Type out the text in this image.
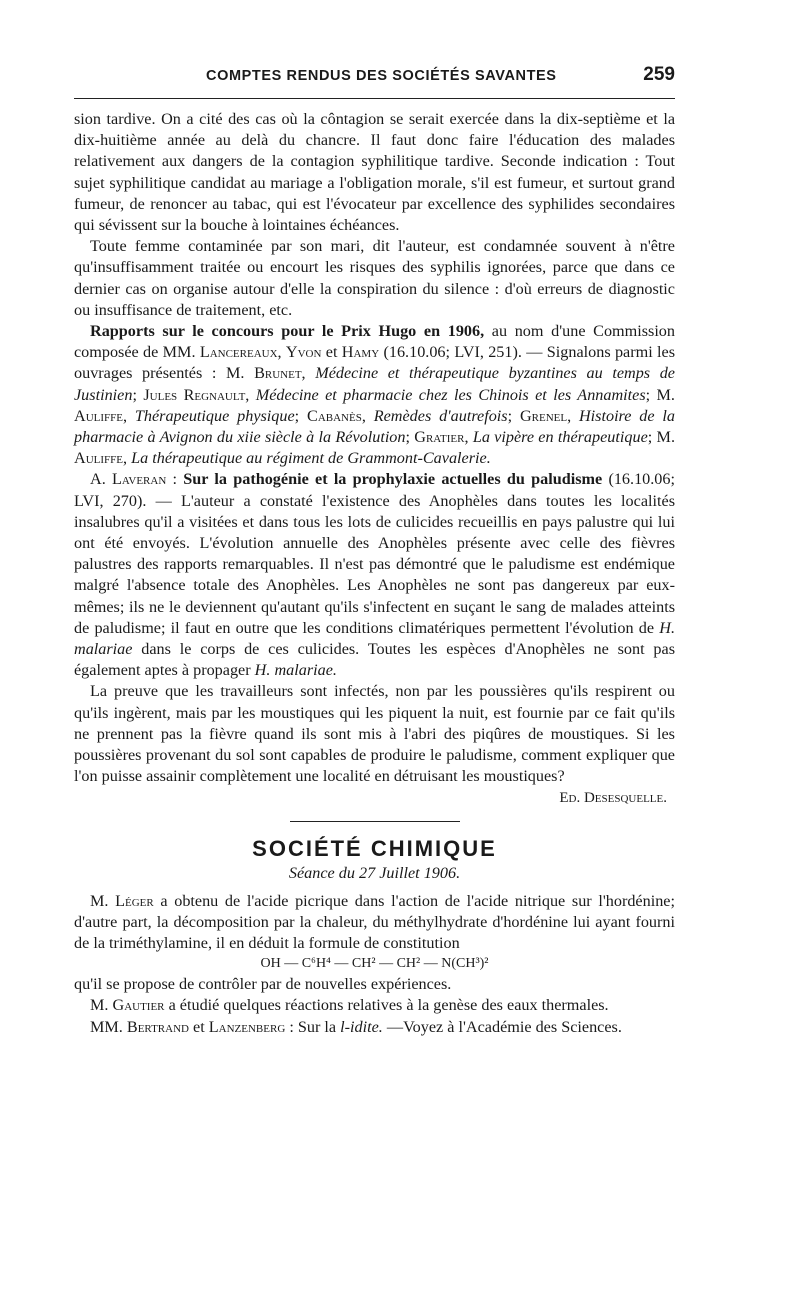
COMPTES RENDUS DES SOCIÉTÉS SAVANTES	259

sion tardive. On a cité des cas où la côntagion se serait exercée dans la dix-septième et la dix-huitième année au delà du chancre. Il faut donc faire l'éducation des malades relativement aux dangers de la contagion syphilitique tardive. Seconde indication : Tout sujet syphilitique candidat au mariage a l'obligation morale, s'il est fumeur, et surtout grand fumeur, de renoncer au tabac, qui est l'évocateur par excellence des syphilides secondaires qui sévissent sur la bouche à lointaines échéances.

Toute femme contaminée par son mari, dit l'auteur, est condamnée souvent à n'être qu'insuffisamment traitée ou encourt les risques des syphilis ignorées, parce que dans ce dernier cas on organise autour d'elle la conspiration du silence : d'où erreurs de diagnostic ou insuffisance de traitement, etc.

Rapports sur le concours pour le Prix Hugo en 1906, au nom d'une Commission composée de MM. Lancereaux, Yvon et Hamy (16.10.06; LVI, 251). — Signalons parmi les ouvrages présentés : M. Brunet, Médecine et thérapeutique byzantines au temps de Justinien; Jules Regnault, Médecine et pharmacie chez les Chinois et les Annamites; M. Auliffe, Thérapeutique physique; Cabanès, Remèdes d'autrefois; Grenel, Histoire de la pharmacie à Avignon du xiie siècle à la Révolution; Gratier, La vipère en thérapeutique; M. Auliffe, La thérapeutique au régiment de Grammont-Cavalerie.

A. Laveran : Sur la pathogénie et la prophylaxie actuelles du paludisme (16.10.06; LVI, 270). — L'auteur a constaté l'existence des Anophèles dans toutes les localités insalubres qu'il a visitées et dans tous les lots de culicides recueillis en pays palustre qui lui ont été envoyés. L'évolution annuelle des Anophèles présente avec celle des fièvres palustres des rapports remarquables. Il n'est pas démontré que le paludisme est endémique malgré l'absence totale des Anophèles. Les Anophèles ne sont pas dangereux par eux-mêmes; ils ne le deviennent qu'autant qu'ils s'infectent en suçant le sang de malades atteints de paludisme; il faut en outre que les conditions climatériques permettent l'évolution de H. malariae dans le corps de ces culicides. Toutes les espèces d'Anophèles ne sont pas également aptes à propager H. malariae.

La preuve que les travailleurs sont infectés, non par les poussières qu'ils respirent ou qu'ils ingèrent, mais par les moustiques qui les piquent la nuit, est fournie par ce fait qu'ils ne prennent pas la fièvre quand ils sont mis à l'abri des piqûres de moustiques. Si les poussières provenant du sol sont capables de produire le paludisme, comment expliquer que l'on puisse assainir complètement une localité en détruisant les moustiques?

Ed. Desesquelle.
SOCIÉTÉ CHIMIQUE
Séance du 27 Juillet 1906.

M. Léger a obtenu de l'acide picrique dans l'action de l'acide nitrique sur l'hordénine; d'autre part, la décomposition par la chaleur, du méthylhydrate d'hordénine lui ayant fourni de la triméthylamine, il en déduit la formule de constitution

OH — C⁶H⁴ — CH² — CH² — N(CH³)²

qu'il se propose de contrôler par de nouvelles expériences.

M. Gautier a étudié quelques réactions relatives à la genèse des eaux thermales.

MM. Bertrand et Lanzenberg : Sur la l-idite. —Voyez à l'Académie des Sciences.
